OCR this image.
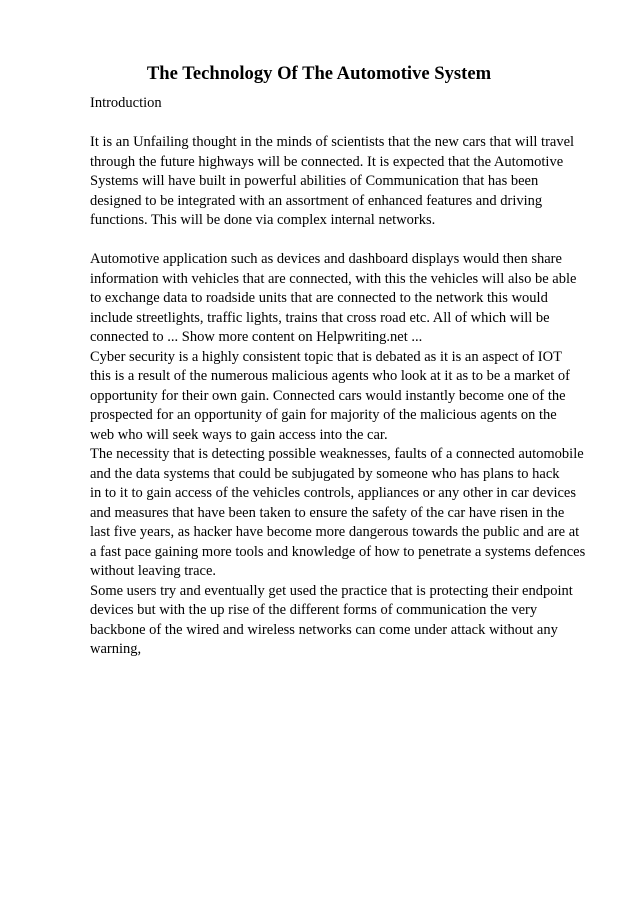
The Technology Of The Automotive System
Introduction
It is an Unfailing thought in the minds of scientists that the new cars that will travel
through the future highways will be connected. It is expected that the Automotive
Systems will have built in powerful abilities of Communication that has been
designed to be integrated with an assortment of enhanced features and driving
functions. This will be done via complex internal networks.
Automotive application such as devices and dashboard displays would then share
information with vehicles that are connected, with this the vehicles will also be able
to exchange data to roadside units that are connected to the network this would
include streetlights, traffic lights, trains that cross road etc. All of which will be
connected to ... Show more content on Helpwriting.net ...
Cyber security is a highly consistent topic that is debated as it is an aspect of IOT
this is a result of the numerous malicious agents who look at it as to be a market of
opportunity for their own gain. Connected cars would instantly become one of the
prospected for an opportunity of gain for majority of the malicious agents on the
web who will seek ways to gain access into the car.
The necessity that is detecting possible weaknesses, faults of a connected automobile
and the data systems that could be subjugated by someone who has plans to hack
in to it to gain access of the vehicles controls, appliances or any other in car devices
and measures that have been taken to ensure the safety of the car have risen in the
last five years, as hacker have become more dangerous towards the public and are at
a fast pace gaining more tools and knowledge of how to penetrate a systems defences
without leaving trace.
Some users try and eventually get used the practice that is protecting their endpoint
devices but with the up rise of the different forms of communication the very
backbone of the wired and wireless networks can come under attack without any
warning,
